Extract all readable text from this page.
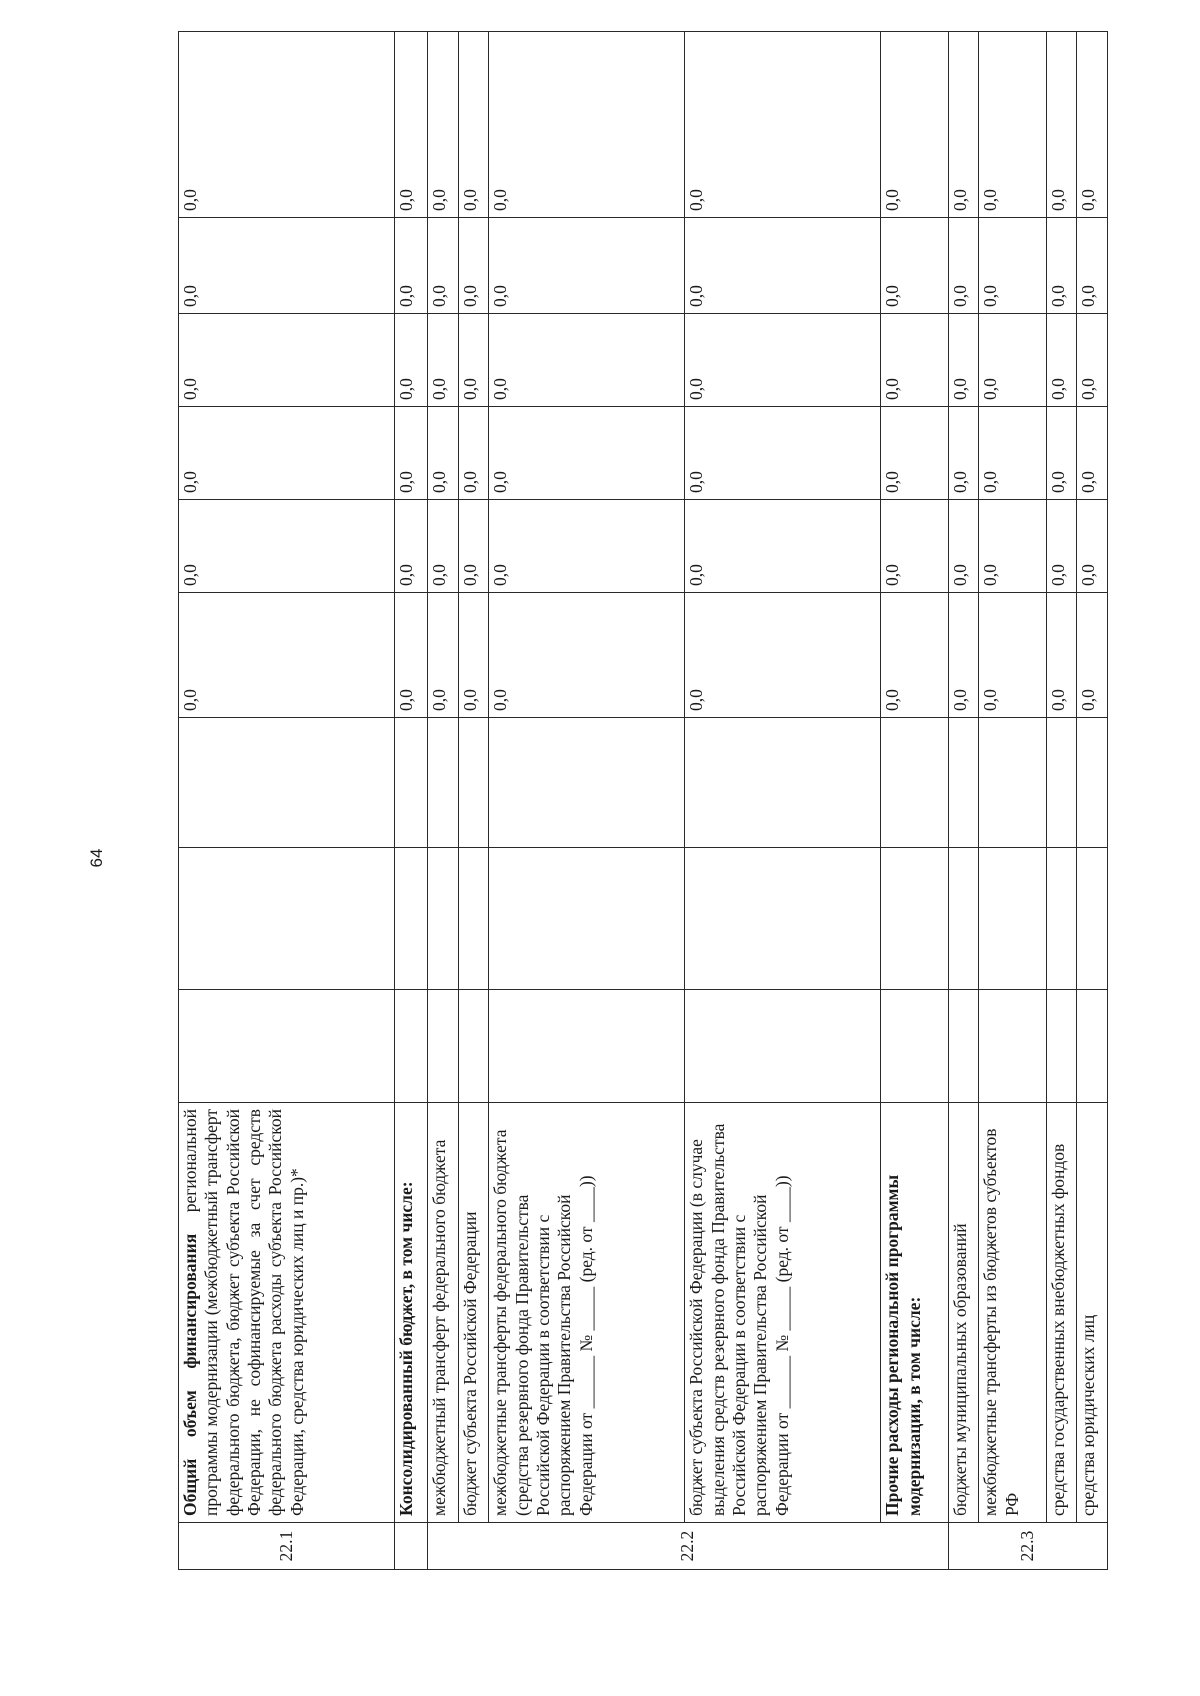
64
22.1	Общий объем финансирования региональной программы модернизации (межбюджетный трансферт федерального бюджета, бюджет субъекта Российской Федерации, не софинансируемые за счет средств федерального бюджета расходы субъекта Российской Федерации, средства юридических лиц и пр.)*				0,0	0,0	0,0	0,0	0,0	0,0
	Консолидированный бюджет, в том числе:				0,0	0,0	0,0	0,0	0,0	0,0
22.2	межбюджетный трансферт федерального бюджета				0,0	0,0	0,0	0,0	0,0	0,0
	бюджет субъекта Российской Федерации				0,0	0,0	0,0	0,0	0,0	0,0
	межбюджетные трансферты федерального бюджета (средства резервного фонда Правительства Российской Федерации в соответствии с распоряжением Правительства Российской Федерации от ______ № _____ (ред. от ____))				0,0	0,0	0,0	0,0	0,0	0,0
	бюджет субъекта Российской Федерации (в случае выделения средств резервного фонда Правительства Российской Федерации в соответствии с распоряжением Правительства Российской Федерации от ______ № _____ (ред. от ____))				0,0	0,0	0,0	0,0	0,0	0,0
	Прочие расходы региональной программы модернизации, в том числе:				0,0	0,0	0,0	0,0	0,0	0,0
22.3	бюджеты муниципальных образований				0,0	0,0	0,0	0,0	0,0	0,0
	межбюджетные трансферты из бюджетов субъектов РФ				0,0	0,0	0,0	0,0	0,0	0,0
	средства государственных внебюджетных фондов				0,0	0,0	0,0	0,0	0,0	0,0
	средства юридических лиц				0,0	0,0	0,0	0,0	0,0	0,0
